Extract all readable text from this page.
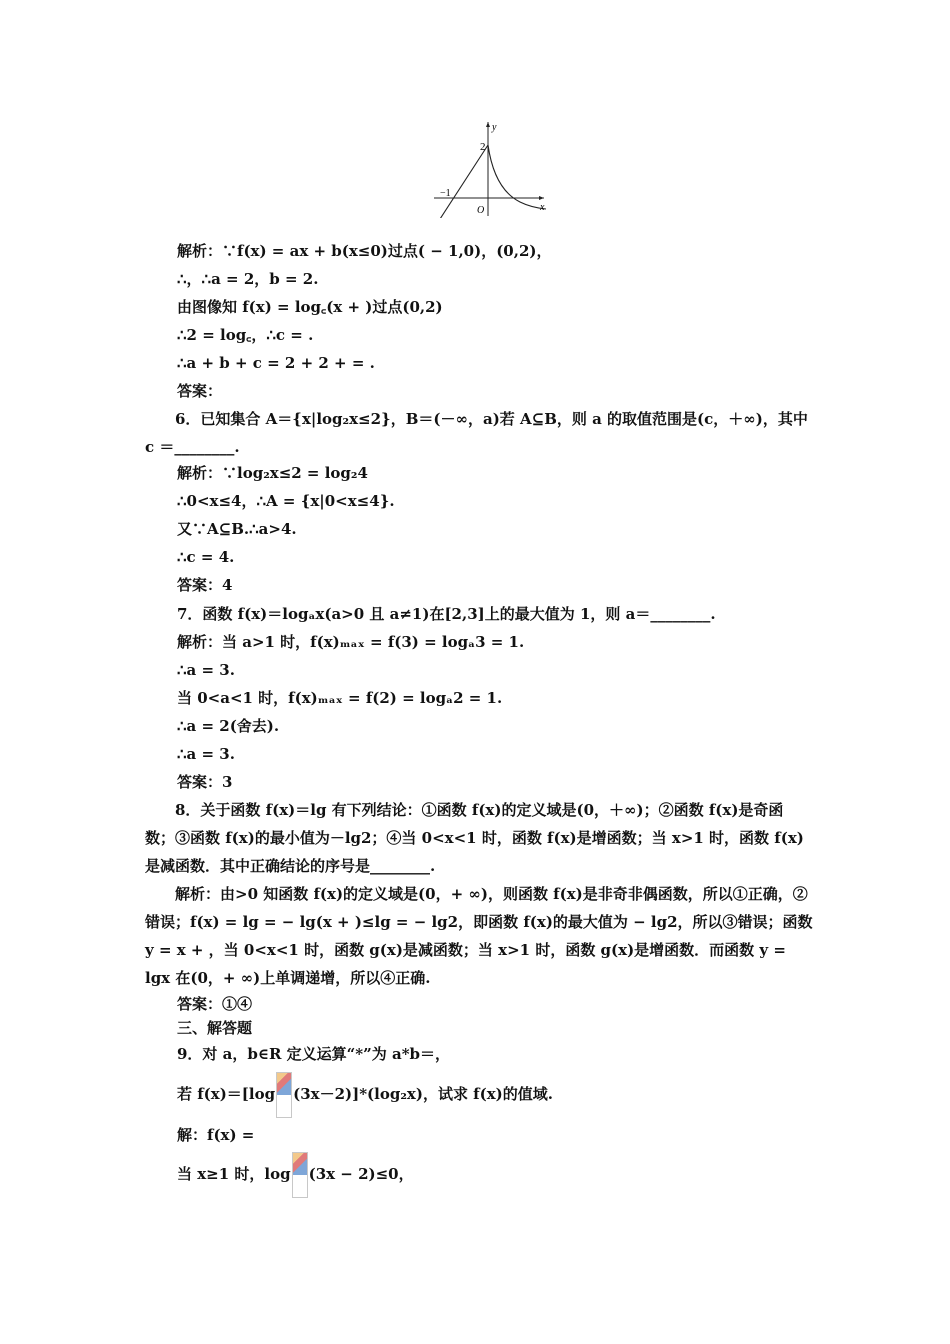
y
x
O
2
−1
解析：∵f(x) = ax + b(x≤0)过点( − 1,0)，(0,2)，
∴，∴a = 2，b = 2.
由图像知 f(x) = log꜀(x + )过点(0,2)
∴2 = log꜀，∴c = .
∴a + b + c = 2 + 2 + = .
答案：
6．已知集合 A＝{x|log₂x≤2}，B＝(－∞，a)若 A⊆B，则 a 的取值范围是(c，＋∞)，其中 c ＝________.
解析：∵log₂x≤2 = log₂4
∴0<x≤4，∴A = {x|0<x≤4}.
又∵A⊆B.∴a>4.
∴c = 4.
答案：4
7．函数 f(x)＝logₐx(a>0 且 a≠1)在[2,3]上的最大值为 1，则 a＝________.
解析：当 a>1 时，f(x)ₘₐₓ = f(3) = logₐ3 = 1.
∴a = 3.
当 0<a<1 时，f(x)ₘₐₓ = f(2) = logₐ2 = 1.
∴a = 2(舍去).
∴a = 3.
答案：3
8．关于函数 f(x)＝lg 有下列结论：①函数 f(x)的定义域是(0，＋∞)；②函数 f(x)是奇函数；③函数 f(x)的最小值为－lg2；④当 0<x<1 时，函数 f(x)是增函数；当 x>1 时，函数 f(x)是减函数．其中正确结论的序号是________.
解析：由>0 知函数 f(x)的定义域是(0，+ ∞)，则函数 f(x)是非奇非偶函数，所以①正确，②错误；f(x) = lg = − lg(x + )≤lg = − lg2，即函数 f(x)的最大值为 − lg2，所以③错误；函数 y = x + ，当 0<x<1 时，函数 g(x)是减函数；当 x>1 时，函数 g(x)是增函数．而函数 y = lgx 在(0，+ ∞)上单调递增，所以④正确.
答案：①④
三、解答题
9．对 a，b∈R 定义运算“*”为 a*b＝，
若 f(x)＝[log (3x－2)]*(log₂x)，试求 f(x)的值域.
解：f(x) =
当 x≥1 时，log (3x − 2)≤0，
